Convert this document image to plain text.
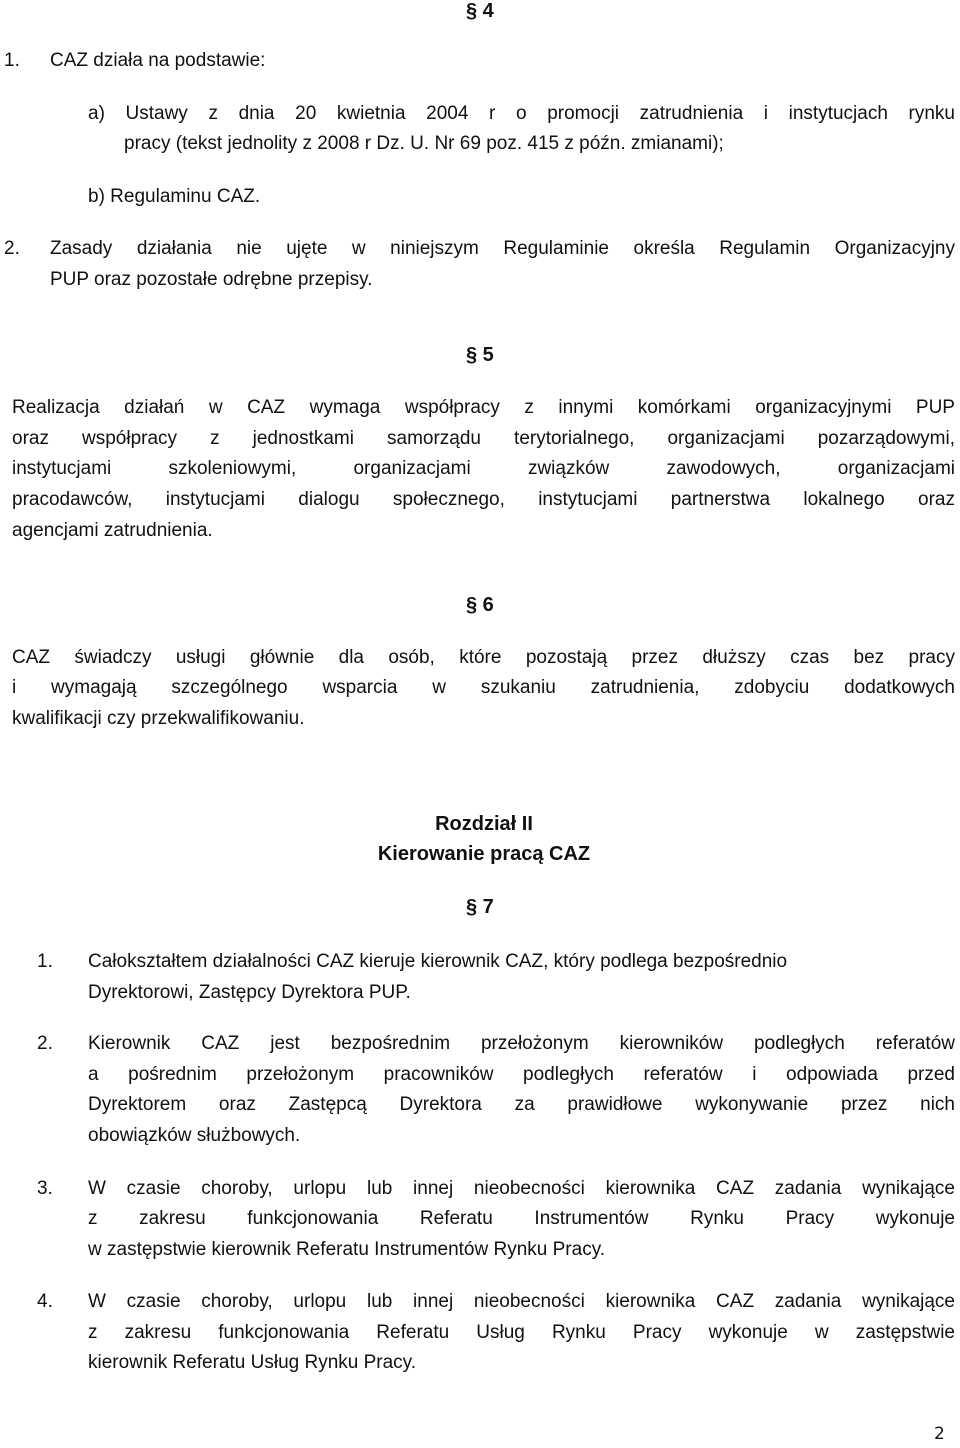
§ 4
1. CAZ działa na podstawie:
a) Ustawy z dnia 20 kwietnia 2004 r o promocji zatrudnienia i instytucjach rynku
pracy (tekst jednolity z 2008 r Dz. U. Nr 69 poz. 415 z późn. zmianami);
b) Regulaminu CAZ.
2. Zasady działania nie ujęte w niniejszym Regulaminie określa Regulamin Organizacyjny
PUP oraz pozostałe odrębne przepisy.
§ 5
Realizacja działań w CAZ wymaga współpracy z innymi komórkami organizacyjnymi PUP
oraz współpracy z jednostkami samorządu terytorialnego, organizacjami pozarządowymi,
instytucjami szkoleniowymi, organizacjami związków zawodowych, organizacjami
pracodawców, instytucjami dialogu społecznego, instytucjami partnerstwa lokalnego oraz
agencjami zatrudnienia.
§ 6
CAZ świadczy usługi głównie dla osób, które pozostają przez dłuższy czas bez pracy
i wymagają szczególnego wsparcia w szukaniu zatrudnienia, zdobyciu dodatkowych
kwalifikacji czy przekwalifikowaniu.
Rozdział II
Kierowanie pracą CAZ
§ 7
1. Całokształtem działalności CAZ kieruje kierownik CAZ, który podlega bezpośrednio
Dyrektorowi, Zastępcy Dyrektora PUP.
2. Kierownik CAZ jest bezpośrednim przełożonym kierowników podległych referatów
a pośrednim przełożonym pracowników podległych referatów i odpowiada przed
Dyrektorem oraz Zastępcą Dyrektora za prawidłowe wykonywanie przez nich
obowiązków służbowych.
3. W czasie choroby, urlopu lub innej nieobecności kierownika CAZ zadania wynikające
z zakresu funkcjonowania Referatu Instrumentów Rynku Pracy wykonuje
w zastępstwie kierownik Referatu Instrumentów Rynku Pracy.
4. W czasie choroby, urlopu lub innej nieobecności kierownika CAZ zadania wynikające
z zakresu funkcjonowania Referatu Usług Rynku Pracy wykonuje w zastępstwie
kierownik Referatu Usług Rynku Pracy.
2
